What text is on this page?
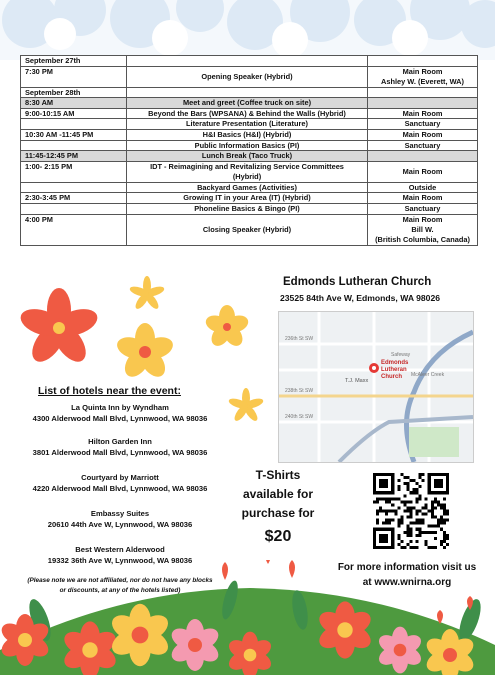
September 27th	

7:30 PM	Opening Speaker (Hybrid)	Main Room
Ashley W. (Everett, WA)

September 28th	

8:30 AM	Meet and greet (Coffee truck on site)	

9:00-10:15 AM	Beyond the Bars (WPSANA) & Behind the Walls (Hybrid)	Main Room

	Literature Presentation (Literature)	Sanctuary

10:30 AM -11:45 PM	H&I Basics (H&I) (Hybrid)	Main Room

	Public Information Basics (PI)	Sanctuary

11:45-12:45 PM	Lunch Break (Taco Truck)	

1:00- 2:15 PM	IDT - Reimagining and Revitalizing Service Committees
(Hybrid)	Main Room

	Backyard Games (Activities)	Outside

2:30-3:45 PM	Growing IT in your Area (IT) (Hybrid)	Main Room

	Phoneline Basics & Bingo (PI)	Sanctuary

4:00 PM	Closing Speaker (Hybrid)	Main Room
Bill W.
(British Columbia, Canada)
Edmonds Lutheran Church
23525 84th Ave W, Edmonds, WA 98026
Edmonds Lutheran Church
T.J. Maxx
236th St SW
238th St SW
240th St SW
McAleer Creek
Safeway
List of hotels near the event:
La Quinta Inn by Wyndham
4300 Alderwood Mall Blvd, Lynnwood, WA 98036
Hilton Garden Inn
3801 Alderwood Mall Blvd, Lynnwood, WA 98036
Courtyard by Marriott
4220 Alderwood Mall Blvd, Lynnwood, WA 98036
Embassy Suites
20610 44th Ave W, Lynnwood, WA 98036
Best Western Alderwood
19332 36th Ave W, Lynnwood, WA 98036
(Please note we are not affiliated, nor do not have any blocks
or discounts, at any of the hotels listed)
T-Shirts
available for
purchase for
$20
For more information visit us
at www.wnirna.org
